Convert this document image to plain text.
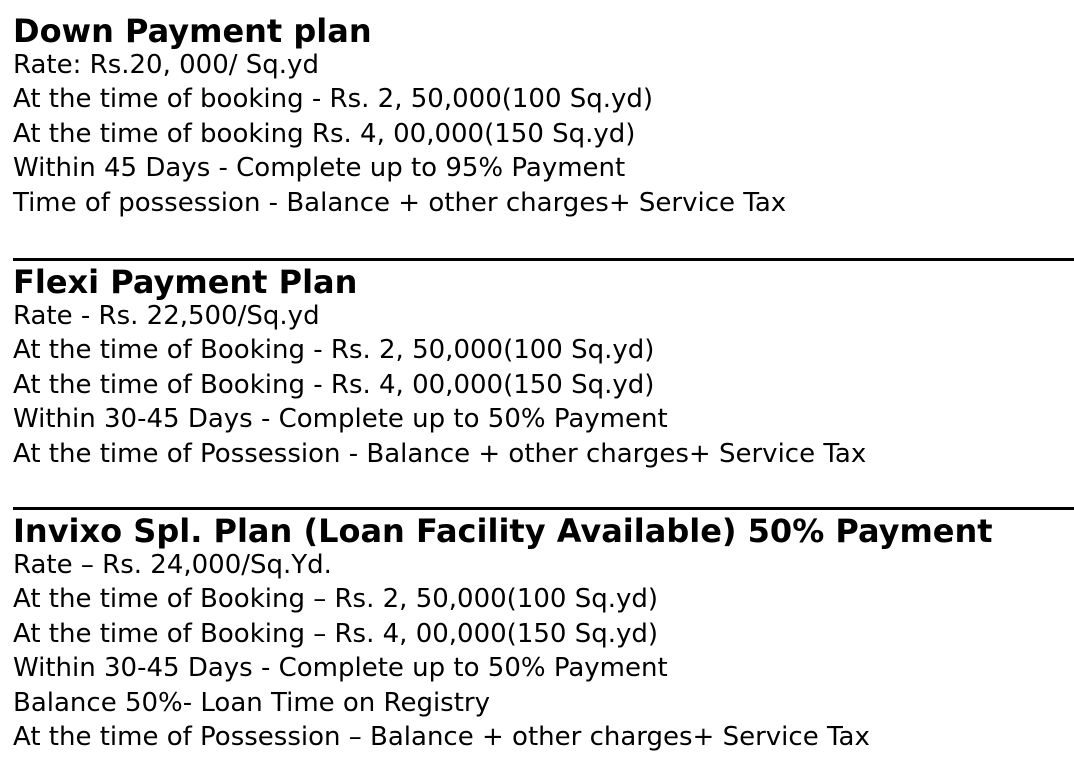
Down Payment plan
Rate: Rs.20, 000/ Sq.yd
At the time of booking - Rs. 2, 50,000(100 Sq.yd)
At the time of booking Rs. 4, 00,000(150 Sq.yd)
Within 45 Days - Complete up to 95% Payment
Time of possession - Balance + other charges+ Service Tax
Flexi Payment Plan
Rate - Rs. 22,500/Sq.yd
At the time of Booking - Rs. 2, 50,000(100 Sq.yd)
At the time of Booking - Rs. 4, 00,000(150 Sq.yd)
Within 30-45 Days - Complete up to 50% Payment
At the time of Possession - Balance + other charges+ Service Tax
Invixo Spl. Plan (Loan Facility Available) 50% Payment
Rate – Rs. 24,000/Sq.Yd.
At the time of Booking – Rs. 2, 50,000(100 Sq.yd)
At the time of Booking – Rs. 4, 00,000(150 Sq.yd)
Within 30-45 Days - Complete up to 50% Payment
Balance 50%- Loan Time on Registry
At the time of Possession – Balance + other charges+ Service Tax
